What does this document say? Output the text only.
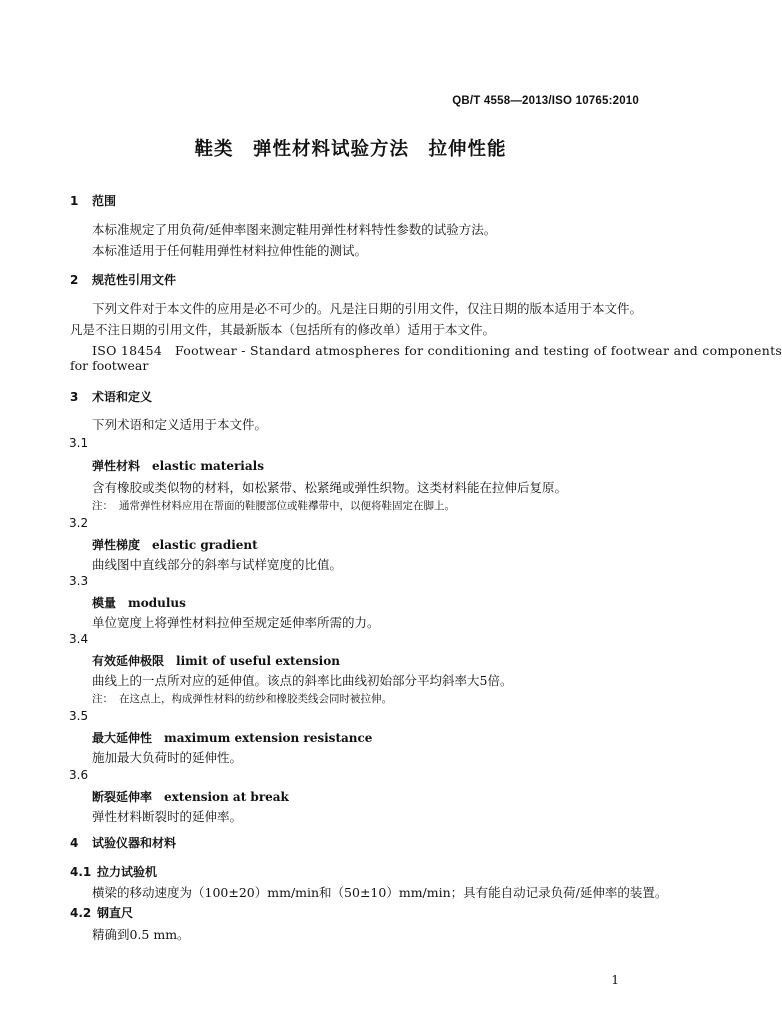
QB/T 4558—2013/ISO 10765:2010
鞋类　弹性材料试验方法　拉伸性能
1 范围
本标准规定了用负荷/延伸率图来测定鞋用弹性材料特性参数的试验方法。
本标准适用于任何鞋用弹性材料拉伸性能的测试。
2 规范性引用文件
下列文件对于本文件的应用是必不可少的。凡是注日期的引用文件，仅注日期的版本适用于本文件。
凡是不注日期的引用文件，其最新版本（包括所有的修改单）适用于本文件。
ISO 18454　Footwear - Standard atmospheres for conditioning and testing of footwear and components
for footwear
3 术语和定义
下列术语和定义适用于本文件。
3.1
弹性材料 elastic materials
含有橡胶或类似物的材料，如松紧带、松紧绳或弹性织物。这类材料能在拉伸后复原。
注： 通常弹性材料应用在帮面的鞋腰部位或鞋襻带中，以便将鞋固定在脚上。
3.2
弹性梯度 elastic gradient
曲线图中直线部分的斜率与试样宽度的比值。
3.3
模量 modulus
单位宽度上将弹性材料拉伸至规定延伸率所需的力。
3.4
有效延伸极限 limit of useful extension
曲线上的一点所对应的延伸值。该点的斜率比曲线初始部分平均斜率大5倍。
注： 在这点上，构成弹性材料的纺纱和橡胶类线会同时被拉伸。
3.5
最大延伸性 maximum extension resistance
施加最大负荷时的延伸性。
3.6
断裂延伸率 extension at break
弹性材料断裂时的延伸率。
4 试验仪器和材料
4.1 拉力试验机
横梁的移动速度为（100±20）mm/min和（50±10）mm/min；具有能自动记录负荷/延伸率的装置。
4.2 钢直尺
精确到0.5 mm。
1
